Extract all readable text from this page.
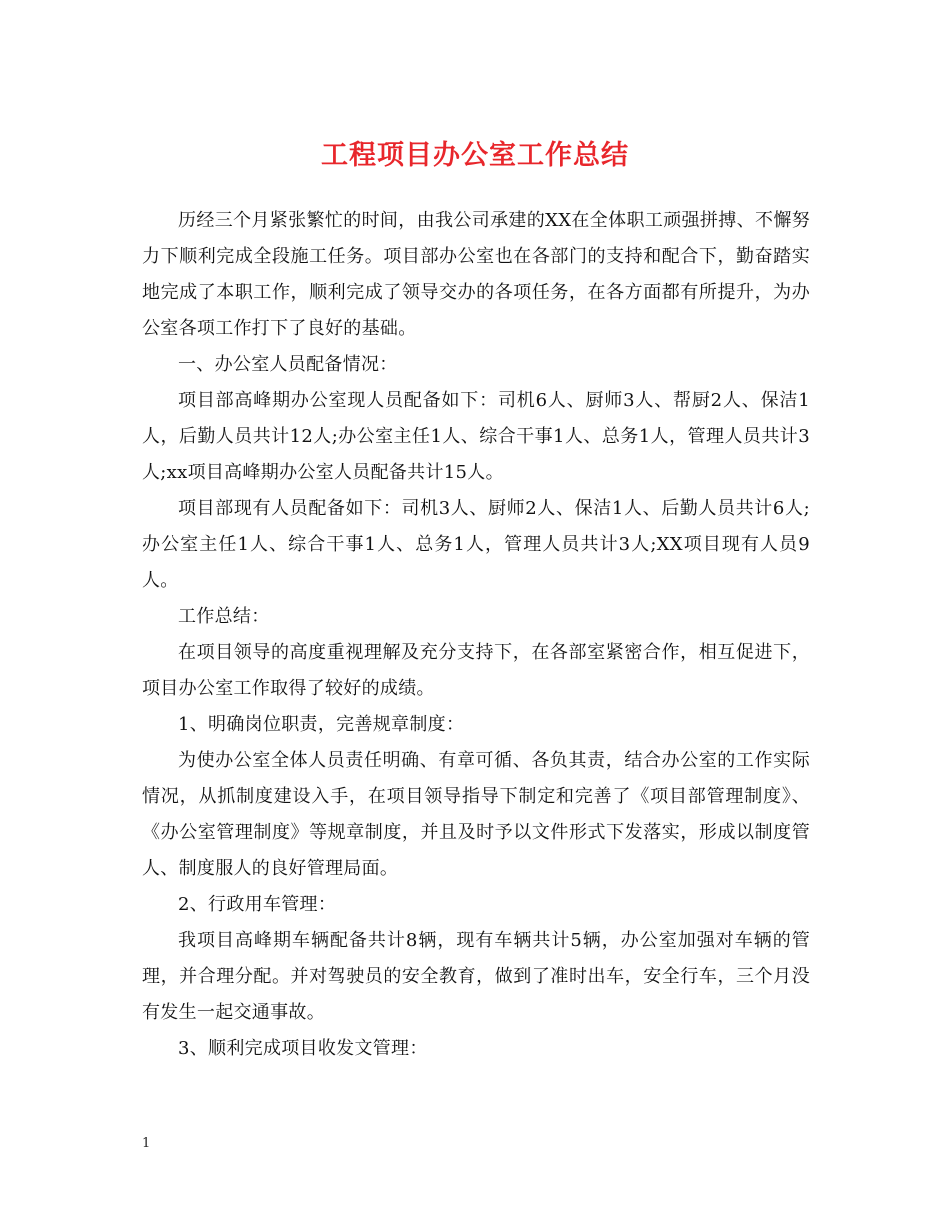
工程项目办公室工作总结

历经三个月紧张繁忙的时间，由我公司承建的XX在全体职工顽强拼搏、不懈努力下顺利完成全段施工任务。项目部办公室也在各部门的支持和配合下，勤奋踏实地完成了本职工作，顺利完成了领导交办的各项任务，在各方面都有所提升，为办公室各项工作打下了良好的基础。

一、办公室人员配备情况：

项目部高峰期办公室现人员配备如下：司机6人、厨师3人、帮厨2人、保洁1人，后勤人员共计12人;办公室主任1人、综合干事1人、总务1人，管理人员共计3人;xx项目高峰期办公室人员配备共计15人。

项目部现有人员配备如下：司机3人、厨师2人、保洁1人、后勤人员共计6人;办公室主任1人、综合干事1人、总务1人，管理人员共计3人;XX项目现有人员9人。

工作总结：

在项目领导的高度重视理解及充分支持下，在各部室紧密合作，相互促进下，项目办公室工作取得了较好的成绩。

1、明确岗位职责，完善规章制度：

为使办公室全体人员责任明确、有章可循、各负其责，结合办公室的工作实际情况，从抓制度建设入手，在项目领导指导下制定和完善了《项目部管理制度》、《办公室管理制度》等规章制度，并且及时予以文件形式下发落实，形成以制度管人、制度服人的良好管理局面。

2、行政用车管理：

我项目高峰期车辆配备共计8辆，现有车辆共计5辆，办公室加强对车辆的管理，并合理分配。并对驾驶员的安全教育，做到了准时出车，安全行车，三个月没有发生一起交通事故。

3、顺利完成项目收发文管理：

1
